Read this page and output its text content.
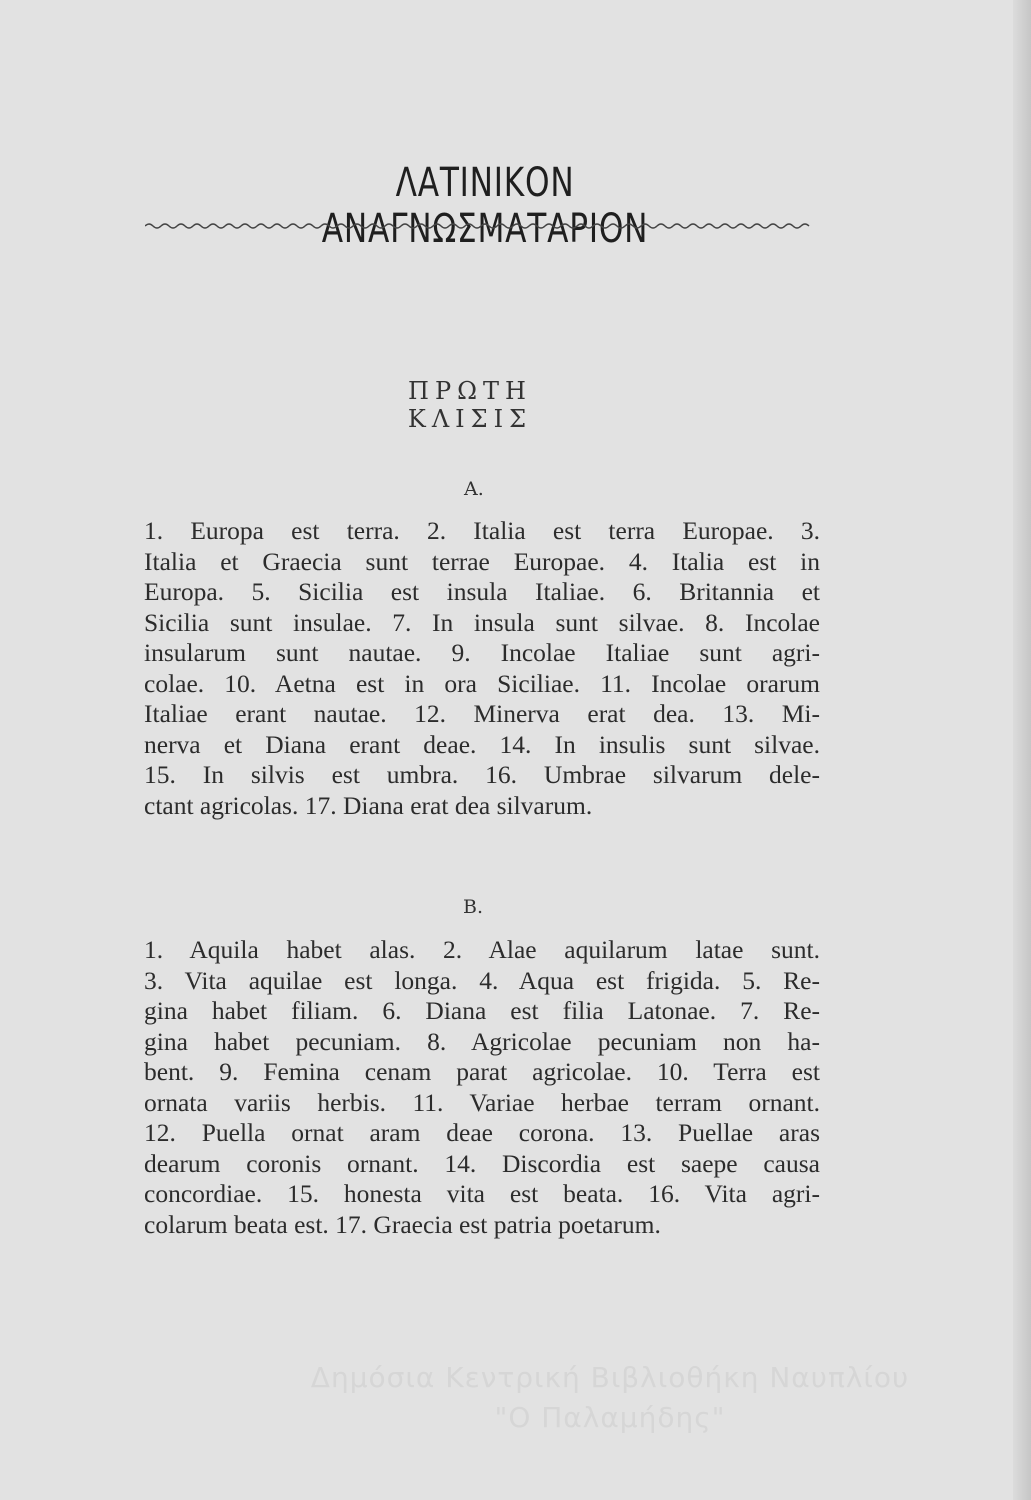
ΛΑΤΙΝΙΚΟΝ ΑΝΑΓΝΩΣΜΑΤΑΡΙΟΝ
ΠΡΩΤΗ ΚΛΙΣΙΣ
A.
1. Europa est terra. 2. Italia est terra Europae. 3.
Italia et Graecia sunt terrae Europae. 4. Italia est in
Europa. 5. Sicilia est insula Italiae. 6. Britannia et
Sicilia sunt insulae. 7. In insula sunt silvae. 8. Incolae
insularum sunt nautae. 9. Incolae Italiae sunt agri-
colae. 10. Aetna est in ora Siciliae. 11. Incolae orarum
Italiae erant nautae. 12. Minerva erat dea. 13. Mi-
nerva et Diana erant deae. 14. In insulis sunt silvae.
15. In silvis est umbra. 16. Umbrae silvarum dele-
ctant agricolas. 17. Diana erat dea silvarum.
B.
1. Aquila habet alas. 2. Alae aquilarum latae sunt.
3. Vita aquilae est longa. 4. Aqua est frigida. 5. Re-
gina habet filiam. 6. Diana est filia Latonae. 7. Re-
gina habet pecuniam. 8. Agricolae pecuniam non ha-
bent. 9. Femina cenam parat agricolae. 10. Terra est
ornata variis herbis. 11. Variae herbae terram ornant.
12. Puella ornat aram deae corona. 13. Puellae aras
dearum coronis ornant. 14. Discordia est saepe causa
concordiae. 15. honesta vita est beata. 16. Vita agri-
colarum beata est. 17. Graecia est patria poetarum.
Δημόσια Κεντρική Βιβλιοθήκη Ναυπλίου
"Ο Παλαμήδης"
